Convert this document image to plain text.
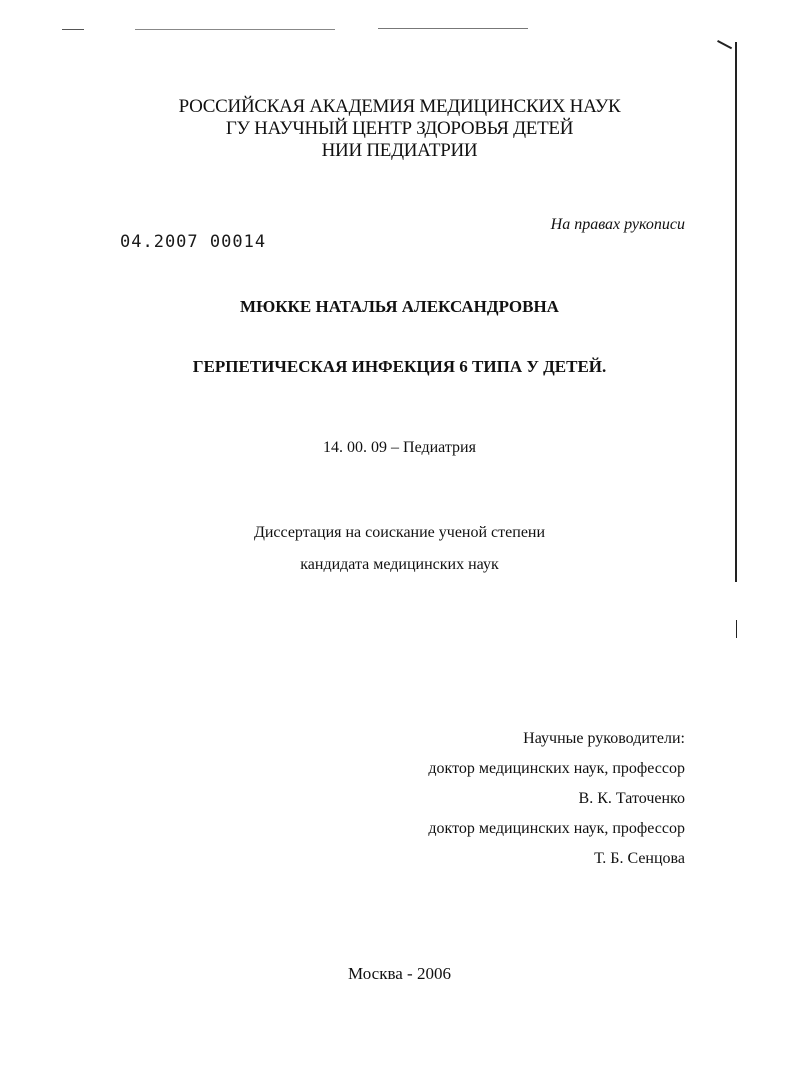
РОССИЙСКАЯ АКАДЕМИЯ МЕДИЦИНСКИХ НАУК
ГУ НАУЧНЫЙ ЦЕНТР ЗДОРОВЬЯ ДЕТЕЙ
НИИ ПЕДИАТРИИ
На правах рукописи
04.2007 00014
МЮККЕ НАТАЛЬЯ АЛЕКСАНДРОВНА
ГЕРПЕТИЧЕСКАЯ ИНФЕКЦИЯ 6 ТИПА У ДЕТЕЙ.
14. 00. 09 – Педиатрия
Диссертация на соискание ученой степени
кандидата медицинских наук
Научные руководители:
доктор медицинских наук, профессор
В. К. Таточенко
доктор медицинских наук, профессор
Т. Б. Сенцова
Москва - 2006
